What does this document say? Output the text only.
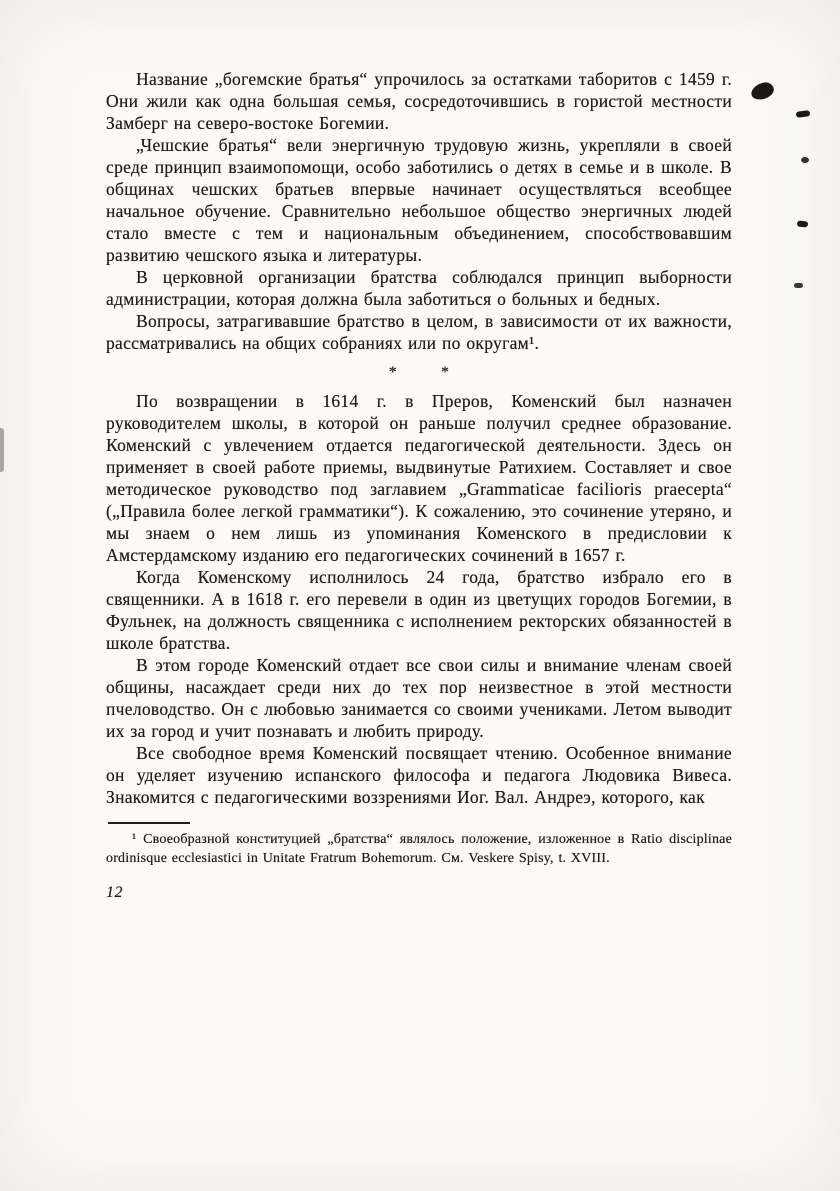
Название „богемские братья“ упрочилось за остатками таборитов с 1459 г. Они жили как одна большая семья, сосредоточившись в гористой местности Замберг на северо-востоке Богемии.

„Чешские братья“ вели энергичную трудовую жизнь, укрепляли в своей среде принцип взаимопомощи, особо заботились о детях в семье и в школе. В общинах чешских братьев впервые начинает осуществляться всеобщее начальное обучение. Сравнительно небольшое общество энергичных людей стало вместе с тем и национальным объединением, способствовавшим развитию чешского языка и литературы.

В церковной организации братства соблюдался принцип выборности администрации, которая должна была заботиться о больных и бедных.

Вопросы, затрагивавшие братство в целом, в зависимости от их важности, рассматривались на общих собраниях или по округам¹.

*	*

По возвращении в 1614 г. в Преров, Коменский был назначен руководителем школы, в которой он раньше получил среднее образование. Коменский с увлечением отдается педагогической деятельности. Здесь он применяет в своей работе приемы, выдвинутые Ратихием. Составляет и свое методическое руководство под заглавием „Grammaticae facilioris praecepta“ („Правила более легкой грамматики“). К сожалению, это сочинение утеряно, и мы знаем о нем лишь из упоминания Коменского в предисловии к Амстердамскому изданию его педагогических сочинений в 1657 г.

Когда Коменскому исполнилось 24 года, братство избрало его в священники. А в 1618 г. его перевели в один из цветущих городов Богемии, в Фульнек, на должность священника с исполнением ректорских обязанностей в школе братства.

В этом городе Коменский отдает все свои силы и внимание членам своей общины, насаждает среди них до тех пор неизвестное в этой местности пчеловодство. Он с любовью занимается со своими учениками. Летом выводит их за город и учит познавать и любить природу.

Все свободное время Коменский посвящает чтению. Особенное внимание он уделяет изучению испанского философа и педагога Людовика Вивеса. Знакомится с педагогическими воззрениями Иог. Вал. Андреэ, которого, как

¹ Своеобразной конституцией „братства“ являлось положение, изложенное в Ratio disciplinae ordinisque ecclesiastici in Unitate Fratrum Bohemorum. См. Veskere Spisy, t. XVIII.

12
